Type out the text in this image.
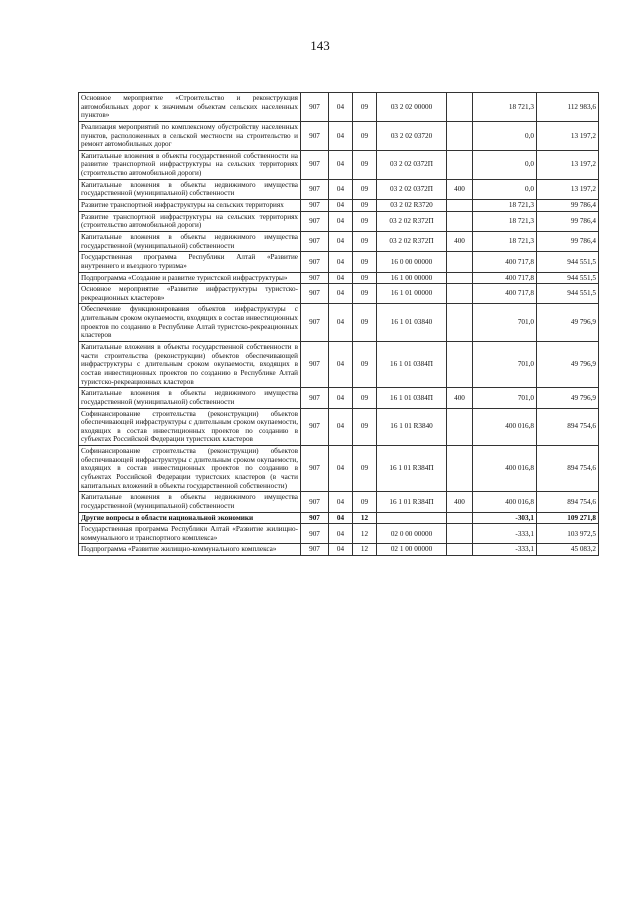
143
Основное мероприятие «Строительство и реконструкция автомобильных дорог к значимым объектам сельских населенных пунктов»	907	04	09	03 2 02 00000		18 721,3	112 983,6
Реализация мероприятий по комплексному обустройству населенных пунктов, расположенных в сельской местности на строительство и ремонт автомобильных дорог	907	04	09	03 2 02 03720		0,0	13 197,2
Капитальные вложения в объекты государственной собственности на развитие транспортной инфраструктуры на сельских территориях (строительство автомобильной дороги)	907	04	09	03 2 02 0372П		0,0	13 197,2
Капитальные вложения в объекты недвижимого имущества государственной (муниципальной) собственности	907	04	09	03 2 02 0372П	400	0,0	13 197,2
Развитие транспортной инфраструктуры на сельских территориях	907	04	09	03 2 02 R3720		18 721,3	99 786,4
Развитие транспортной инфраструктуры на сельских территориях (строительство автомобильной дороги)	907	04	09	03 2 02 R372П		18 721,3	99 786,4
Капитальные вложения в объекты недвижимого имущества государственной (муниципальной) собственности	907	04	09	03 2 02 R372П	400	18 721,3	99 786,4
Государственная программа Республики Алтай «Развитие внутреннего и въездного туризма»	907	04	09	16 0 00 00000		400 717,8	944 551,5
Подпрограмма «Создание и развитие туристской инфраструктуры»	907	04	09	16 1 00 00000		400 717,8	944 551,5
Основное мероприятие «Развитие инфраструктуры туристско-рекреационных кластеров»	907	04	09	16 1 01 00000		400 717,8	944 551,5
Обеспечение функционирования объектов инфраструктуры с длительным сроком окупаемости, входящих в состав инвестиционных проектов по созданию в Республике Алтай туристско-рекреационных кластеров	907	04	09	16 1 01 03840		701,0	49 796,9
Капитальные вложения в объекты государственной собственности в части строительства (реконструкции) объектов обеспечивающей инфраструктуры с длительным сроком окупаемости, входящих в состав инвестиционных проектов по созданию в Республике Алтай туристско-рекреационных кластеров	907	04	09	16 1 01 0384П		701,0	49 796,9
Капитальные вложения в объекты недвижимого имущества государственной (муниципальной) собственности	907	04	09	16 1 01 0384П	400	701,0	49 796,9
Софинансирование строительства (реконструкции) объектов обеспечивающей инфраструктуры с длительным сроком окупаемости, входящих в состав инвестиционных проектов по созданию в субъектах Российской Федерации туристских кластеров	907	04	09	16 1 01 R3840		400 016,8	894 754,6
Софинансирование строительства (реконструкции) объектов обеспечивающей инфраструктуры с длительным сроком окупаемости, входящих в состав инвестиционных проектов по созданию в субъектах Российской Федерации туристских кластеров (в части капитальных вложений в объекты государственной собственности)	907	04	09	16 1 01 R384П		400 016,8	894 754,6
Капитальные вложения в объекты недвижимого имущества государственной (муниципальной) собственности	907	04	09	16 1 01 R384П	400	400 016,8	894 754,6
Другие вопросы в области национальной экономики	907	04	12			-303,1	109 271,8
Государственная программа Республики Алтай «Развитие жилищно-коммунального и транспортного комплекса»	907	04	12	02 0 00 00000		-333,1	103 972,5
Подпрограмма «Развитие жилищно-коммунального комплекса»	907	04	12	02 1 00 00000		-333,1	45 083,2
